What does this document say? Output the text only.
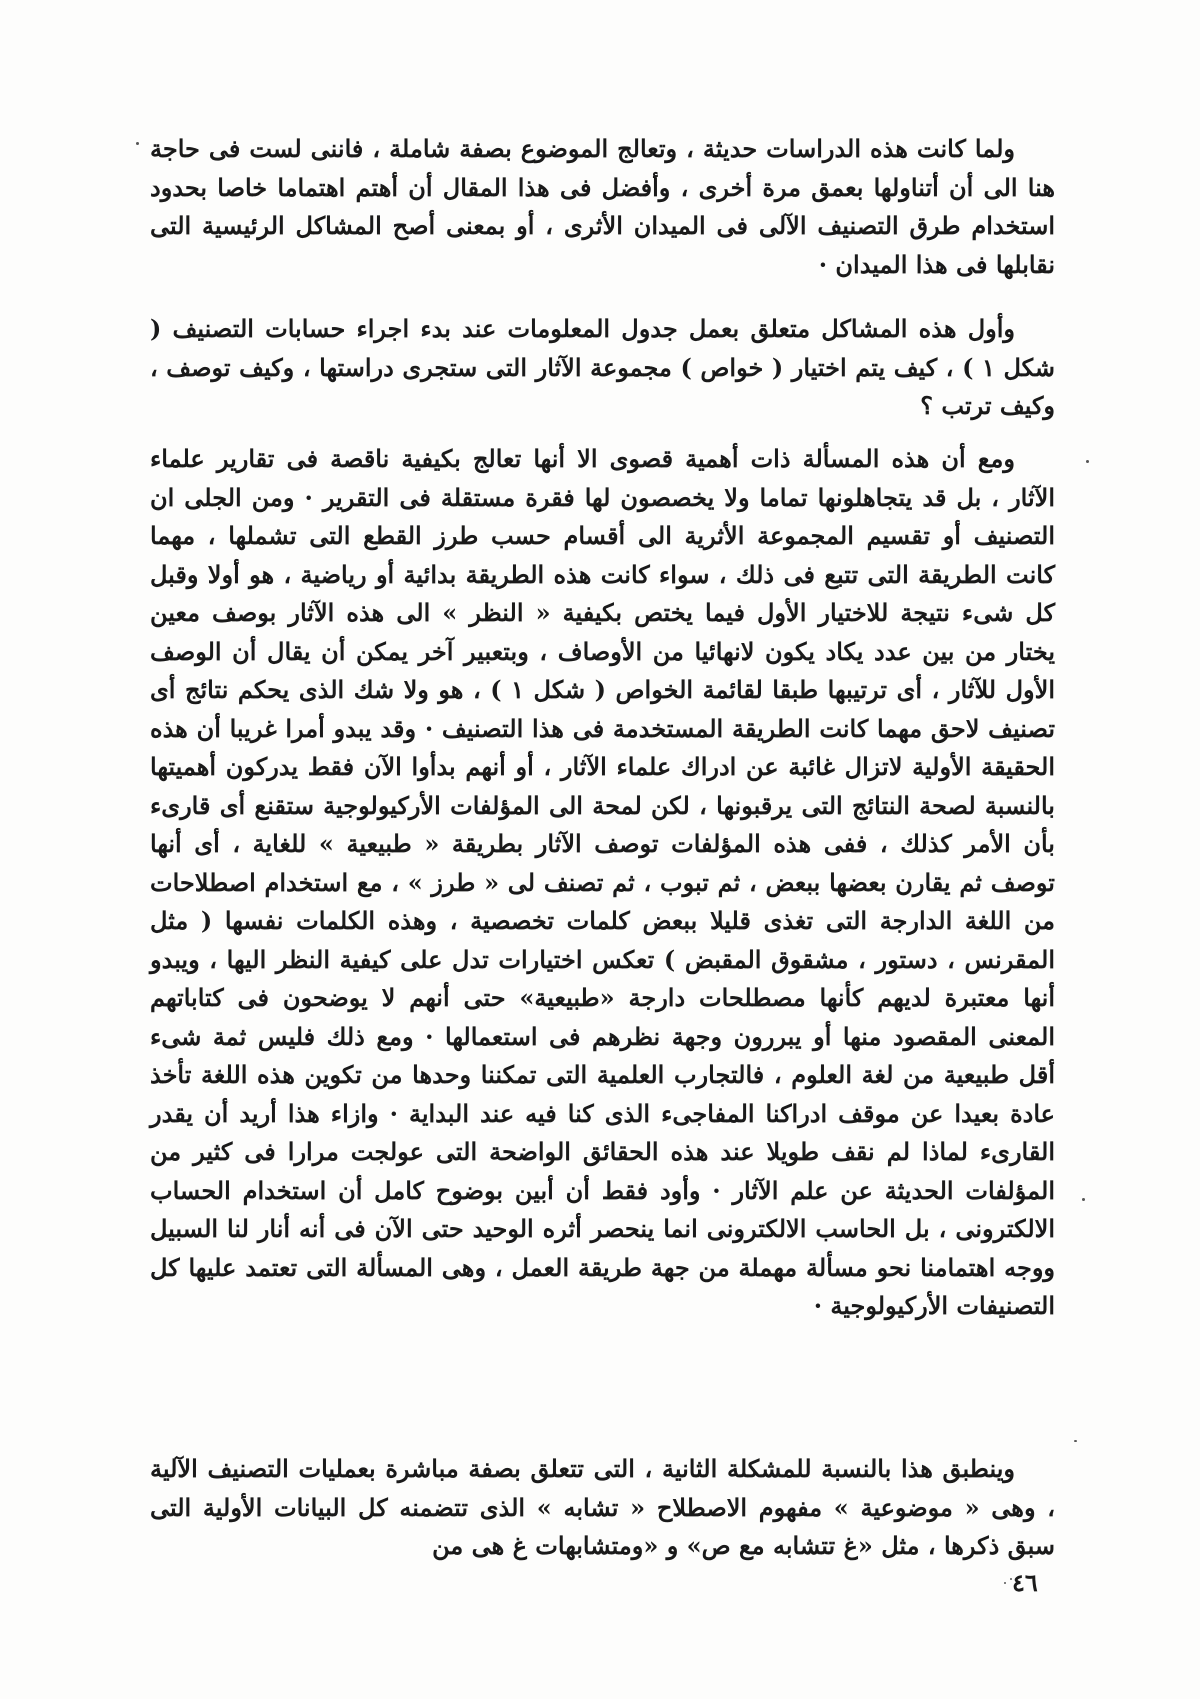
ولما كانت هذه الدراسات حديثة ، وتعالج الموضوع بصفة شاملة ، فاننى لست فى حاجة هنا الى أن أتناولها بعمق مرة أخرى ، وأفضل فى هذا المقال أن أهتم اهتماما خاصا بحدود استخدام طرق التصنيف الآلى فى الميدان الأثرى ، أو بمعنى أصح المشاكل الرئيسية التى نقابلها فى هذا الميدان ·

وأول هذه المشاكل متعلق بعمل جدول المعلومات عند بدء اجراء حسابات التصنيف ( شكل ١ ) ، كيف يتم اختيار ( خواص ) مجموعة الآثار التى ستجرى دراستها ، وكيف توصف ، وكيف ترتب ؟

ومع أن هذه المسألة ذات أهمية قصوى الا أنها تعالج بكيفية ناقصة فى تقارير علماء الآثار ، بل قد يتجاهلونها تماما ولا يخصصون لها فقرة مستقلة فى التقرير · ومن الجلى ان التصنيف أو تقسيم المجموعة الأثرية الى أقسام حسب طرز القطع التى تشملها ، مهما كانت الطريقة التى تتبع فى ذلك ، سواء كانت هذه الطريقة بدائية أو رياضية ، هو أولا وقبل كل شىء نتيجة للاختيار الأول فيما يختص بكيفية « النظر » الى هذه الآثار بوصف معين يختار من بين عدد يكاد يكون لانهائيا من الأوصاف ، وبتعبير آخر يمكن أن يقال أن الوصف الأول للآثار ، أى ترتيبها طبقا لقائمة الخواص ( شكل ١ ) ، هو ولا شك الذى يحكم نتائج أى تصنيف لاحق مهما كانت الطريقة المستخدمة فى هذا التصنيف · وقد يبدو أمرا غريبا أن هذه الحقيقة الأولية لاتزال غائبة عن ادراك علماء الآثار ، أو أنهم بدأوا الآن فقط يدركون أهميتها بالنسبة لصحة النتائج التى يرقبونها ، لكن لمحة الى المؤلفات الأركيولوجية ستقنع أى قارىء بأن الأمر كذلك ، ففى هذه المؤلفات توصف الآثار بطريقة « طبيعية » للغاية ، أى أنها توصف ثم يقارن بعضها ببعض ، ثم تبوب ، ثم تصنف لى « طرز » ، مع استخدام اصطلاحات من اللغة الدارجة التى تغذى قليلا ببعض كلمات تخصصية ، وهذه الكلمات نفسها ( مثل المقرنس ، دستور ، مشقوق المقبض ) تعكس اختيارات تدل على كيفية النظر اليها ، ويبدو أنها معتبرة لديهم كأنها مصطلحات دارجة «طبيعية» حتى أنهم لا يوضحون فى كتاباتهم المعنى المقصود منها أو يبررون وجهة نظرهم فى استعمالها · ومع ذلك فليس ثمة شىء أقل طبيعية من لغة العلوم ، فالتجارب العلمية التى تمكننا وحدها من تكوين هذه اللغة تأخذ عادة بعيدا عن موقف ادراكنا المفاجىء الذى كنا فيه عند البداية · وازاء هذا أريد أن يقدر القارىء لماذا لم نقف طويلا عند هذه الحقائق الواضحة التى عولجت مرارا فى كثير من المؤلفات الحديثة عن علم الآثار · وأود فقط أن أبين بوضوح كامل أن استخدام الحساب الالكترونى ، بل الحاسب الالكترونى انما ينحصر أثره الوحيد حتى الآن فى أنه أنار لنا السبيل ووجه اهتمامنا نحو مسألة مهملة من جهة طريقة العمل ، وهى المسألة التى تعتمد عليها كل التصنيفات الأركيولوجية ·

وينطبق هذا بالنسبة للمشكلة الثانية ، التى تتعلق بصفة مباشرة بعمليات التصنيف الآلية ، وهى « موضوعية » مفهوم الاصطلاح « تشابه » الذى تتضمنه كل البيانات الأولية التى سبق ذكرها ، مثل «غ تتشابه مع ص» و «ومتشابهات غ هى من

٤٦
